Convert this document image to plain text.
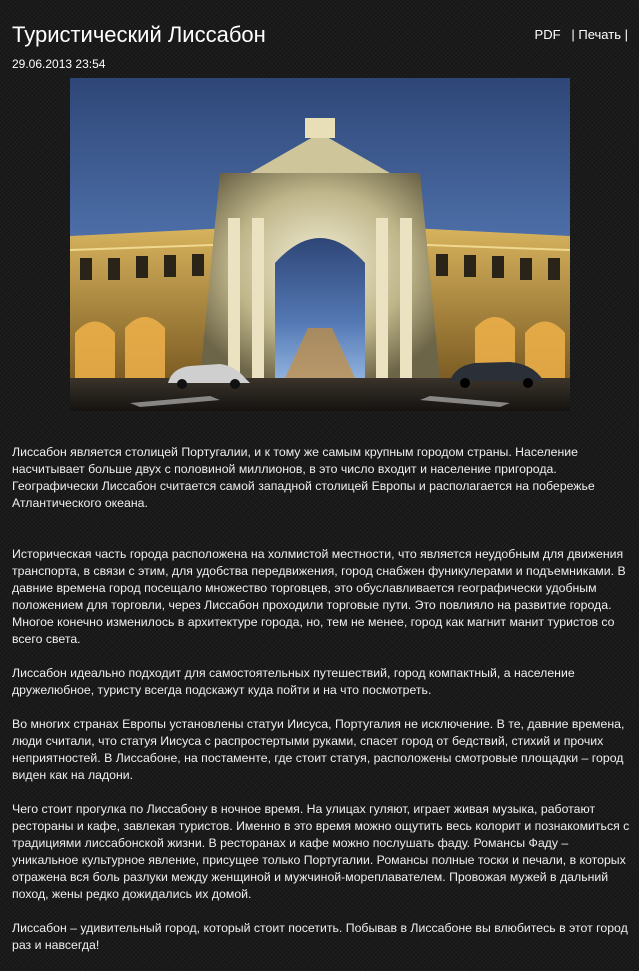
Туристический Лиссабон	PDF | Печать |
29.06.2013 23:54

Лиссабон является столицей Португалии, и к тому же самым крупным городом страны. Население насчитывает больше двух с половиной миллионов, в это число входит и население пригорода. Географически Лиссабон считается самой западной столицей Европы и располагается на побережье Атлантического океана.

Историческая часть города расположена на холмистой местности, что является неудобным для движения транспорта, в связи с этим, для удобства передвижения, город снабжен фуникулерами и подъемниками. В давние времена город посещало множество торговцев, это обуславливается географически удобным положением для торговли, через Лиссабон проходили торговые пути. Это повлияло на развитие города. Многое конечно изменилось в архитектуре города, но, тем не менее, город как магнит манит туристов со всего света.

Лиссабон идеально подходит для самостоятельных путешествий, город компактный, а население дружелюбное, туристу всегда подскажут куда пойти и на что посмотреть.

Во многих странах Европы установлены статуи Иисуса, Португалия не исключение. В те, давние времена, люди считали, что статуя Иисуса с распростертыми руками, спасет город от бедствий, стихий и прочих неприятностей. В Лиссабоне, на постаменте, где стоит статуя, расположены смотровые площадки – город виден как на ладони.

Чего стоит прогулка по Лиссабону в ночное время. На улицах гуляют, играет живая музыка, работают рестораны и кафе, завлекая туристов. Именно в это время можно ощутить весь колорит и познакомиться с традициями лиссабонской жизни. В ресторанах и кафе можно послушать фаду. Романсы Фаду – уникальное культурное явление, присущее только Португалии. Романсы полные тоски и печали, в которых отражена вся боль разлуки между женщиной и мужчиной-мореплавателем. Провожая мужей в дальний поход, жены редко дожидались их домой.

Лиссабон – удивительный город, который стоит посетить. Побывав в Лиссабоне вы влюбитесь в этот город раз и навсегда!
